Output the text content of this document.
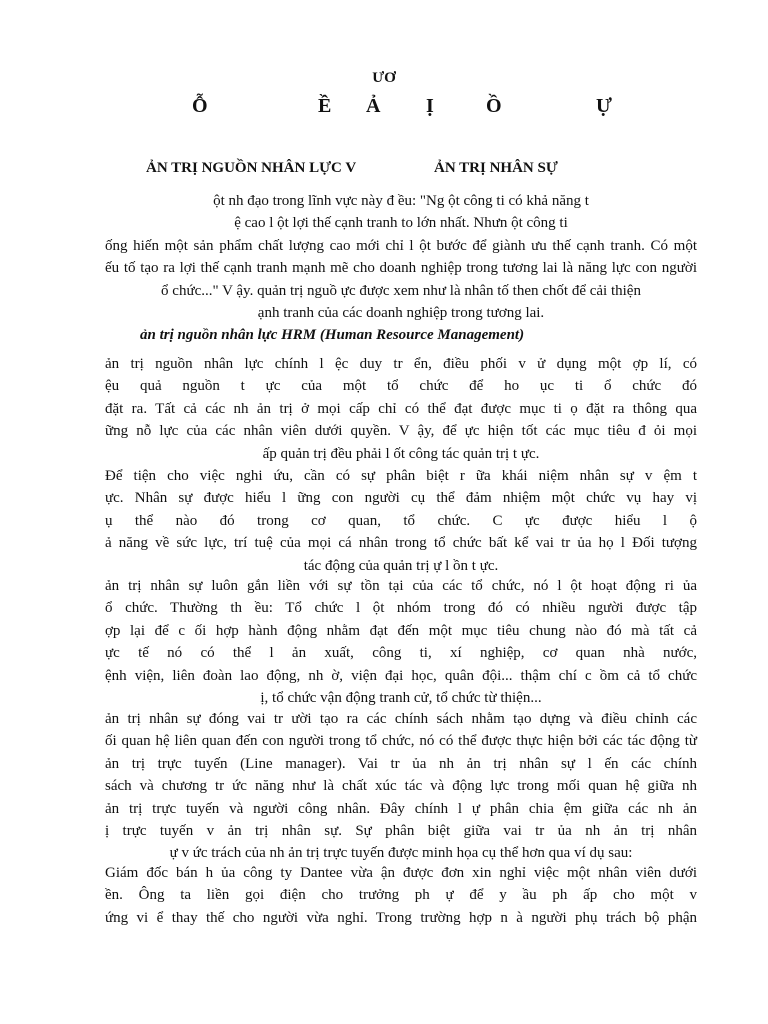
ƯƠ
Ỗ	Ề Ả Ị	Ồ	Ự
ẢN TRỊ NGUỒN NHÂN LỰC V	ẢN TRỊ NHÂN SỰ
ột nh đạo trong lĩnh vực này đ ều: "Ng ột công ti có khả năng t
ệ cao l ột lợi thế cạnh tranh to lớn nhất. Nhưn ột công ti
ống hiến một sản phẩm chất lượng cao mới chỉ l ột bước để giành ưu thế cạnh tranh. Có một
ếu tố tạo ra lợi thế cạnh tranh mạnh mẽ cho doanh nghiệp trong tương lai là năng lực con người
ổ chức..." V ậy. quản trị nguồ ực được xem như là nhân tố then chốt để cải thiện
ạnh tranh của các doanh nghiệp trong tương lai.
ản trị nguồn nhân lực HRM (Human Resource Management)
ản trị nguồn nhân lực chính l ệc duy tr ển, điều phối v ử dụng một ợp lí, có
ệu quả nguồn t ực của một tổ chức để ho ục ti ổ chức đó
đặt ra. Tất cả các nh ản trị ở mọi cấp chỉ có thể đạt được mục ti ọ đặt ra thông qua
ững nỗ lực của các nhân viên dưới quyền. V ậy, để ực hiện tốt các mục tiêu đ ỏi mọi
ấp quản trị đều phải l ốt công tác quản trị t ực.
Để tiện cho việc nghi ứu, cần có sự phân biệt r ữa khái niệm nhân sự v ệm t
ực. Nhân sự được hiểu l ững con người cụ thể đảm nhiệm một chức vụ hay vị
ụ thể nào đó trong cơ quan, tổ chức. C ực được hiểu l ộ
ả năng về sức lực, trí tuệ của mọi cá nhân trong tổ chức bất kể vai tr ủa họ l Đối tượng
tác động của quản trị ự l ồn t ực.
ản trị nhân sự luôn gắn liền với sự tồn tại của các tổ chức, nó l ột hoạt động ri ủa
ổ chức. Thường th ều: Tổ chức l ột nhóm trong đó có nhiều người được tập
ợp lại để c ối hợp hành động nhằm đạt đến một mục tiêu chung nào đó mà tất cả
ực tế nó có thể l ản xuất, công ti, xí nghiệp, cơ quan nhà nước,
ệnh viện, liên đoàn lao động, nh ờ, viện đại học, quân đội... thậm chí c ồm cả tổ chức
ị, tổ chức vận động tranh cử, tổ chức từ thiện...
ản trị nhân sự đóng vai tr ười tạo ra các chính sách nhằm tạo dựng và điều chỉnh các
ối quan hệ liên quan đến con người trong tổ chức, nó có thể được thực hiện bởi các tác động từ
ản trị trực tuyến (Line manager). Vai tr ủa nh ản trị nhân sự l ến các chính
sách và chương tr ức năng như là chất xúc tác và động lực trong mối quan hệ giữa nh
ản trị trực tuyến và người công nhân. Đây chính l ự phân chia ệm giữa các nh ản
ị trực tuyến v ản trị nhân sự. Sự phân biệt giữa vai tr ủa nh ản trị nhân
ự v ức trách của nh ản trị trực tuyến được minh họa cụ thể hơn qua ví dụ sau:
Giám đốc bán h ủa công ty Dantee vừa ận được đơn xin nghỉ việc một nhân viên dưới
ền. Ông ta liền gọi điện cho trưởng ph ự để y ầu ph ấp cho một v
ứng vi ể thay thế cho người vừa nghỉ. Trong trường hợp n à người phụ trách bộ phận
